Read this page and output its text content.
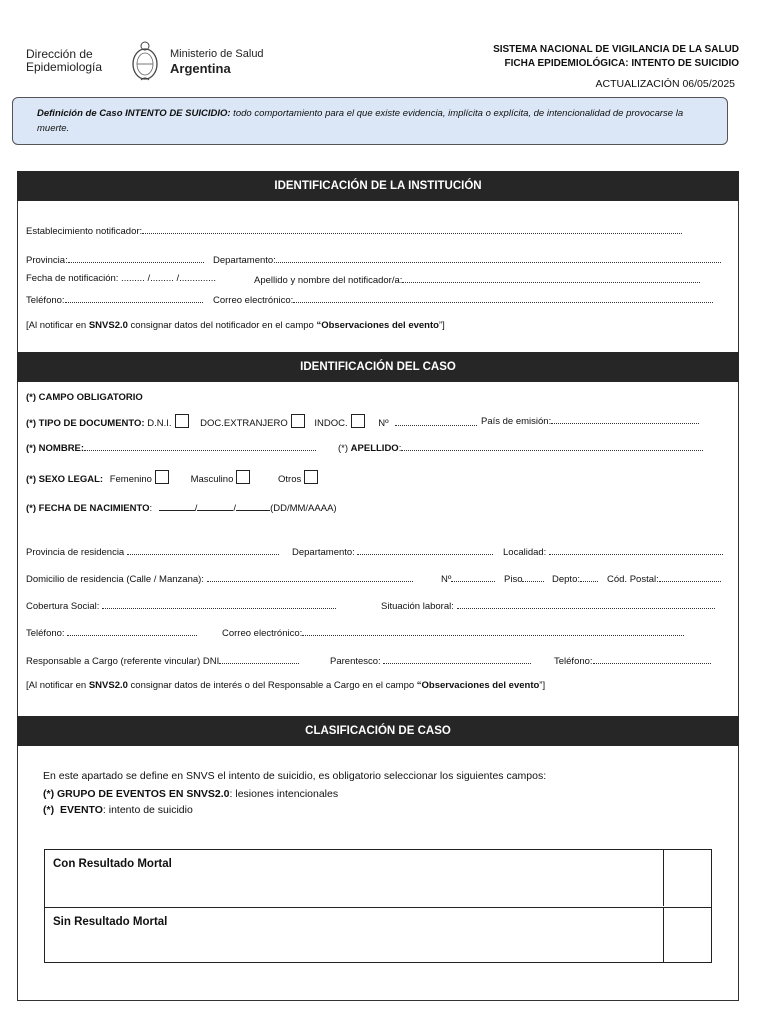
Dirección de
Epidemiología
Ministerio de Salud
Argentina
SISTEMA NACIONAL DE VIGILANCIA DE LA SALUD
FICHA EPIDEMIOLÓGICA: INTENTO DE SUICIDIO
ACTUALIZACIÓN 06/05/2025
Definición de Caso INTENTO DE SUICIDIO: todo comportamiento para el que existe evidencia, implícita o explícita, de intencionalidad de provocarse la muerte.
IDENTIFICACIÓN DE LA INSTITUCIÓN
Establecimiento notificador:
Provincia:	Departamento:
Fecha de notificación: ......... /......... /..............	Apellido y nombre del notificador/a:
Teléfono:	Correo electrónico:
[Al notificar en SNVS2.0 consignar datos del notificador en el campo “Observaciones del evento”]
IDENTIFICACIÓN DEL CASO
(*) CAMPO OBLIGATORIO
(*) TIPO DE DOCUMENTO: D.N.I.	DOC.EXTRANJERO	INDOC.	Nº	País de emisión:
(*) NOMBRE:	(*) APELLIDO:
(*) SEXO LEGAL: Femenino	Masculino	Otros
(*) FECHA DE NACIMIENTO:	/	/	(DD/MM/AAAA)
Provincia de residencia	Departamento:	Localidad:
Domicilio de residencia (Calle / Manzana):	Nº	Piso	Depto:	Cód. Postal:
Cobertura Social:	Situación laboral:
Teléfono:	Correo electrónico:
Responsable a Cargo (referente vincular) DNI	Parentesco:	Teléfono:
[Al notificar en SNVS2.0 consignar datos de interés o del Responsable a Cargo en el campo “Observaciones del evento”]
CLASIFICACIÓN DE CASO
En este apartado se define en SNVS el intento de suicidio, es obligatorio seleccionar los siguientes campos:
(*) GRUPO DE EVENTOS EN SNVS2.0: lesiones intencionales
(*) EVENTO: intento de suicidio
Con Resultado Mortal
Sin Resultado Mortal
